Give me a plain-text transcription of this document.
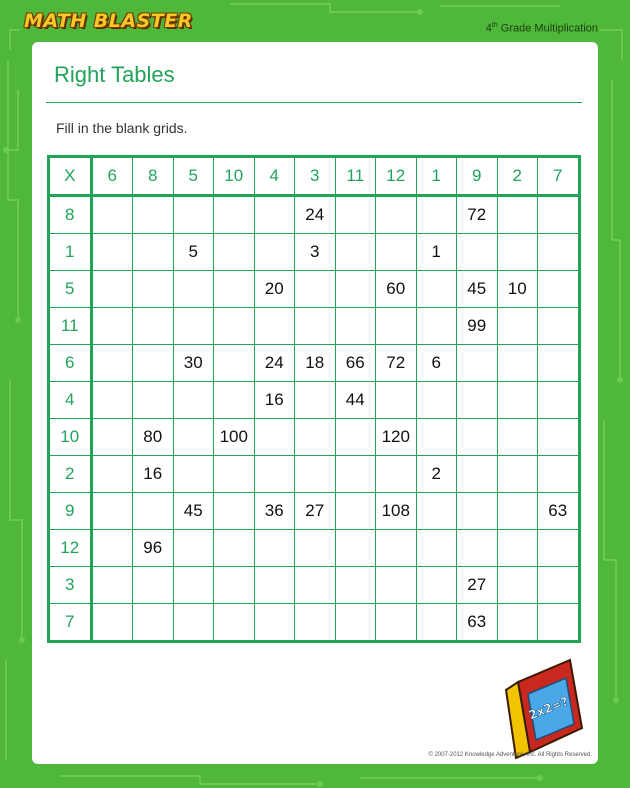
MATH BLASTER	4th Grade Multiplication
Right Tables
Fill in the blank grids.
X	6	8	5	10	4	3	11	12	1	9	2	7
8						24				72		
1			5			3			1			
5					20			60		45	10	
11										99		
6			30		24	18	66	72	6			
4					16		44					
10		80		100				120				
2		16							2			
9			45		36	27		108				63
12		96										
3										27		
7										63		
2x2=?
© 2007-2012 Knowledge Adventure, Inc. All Rights Reserved.
